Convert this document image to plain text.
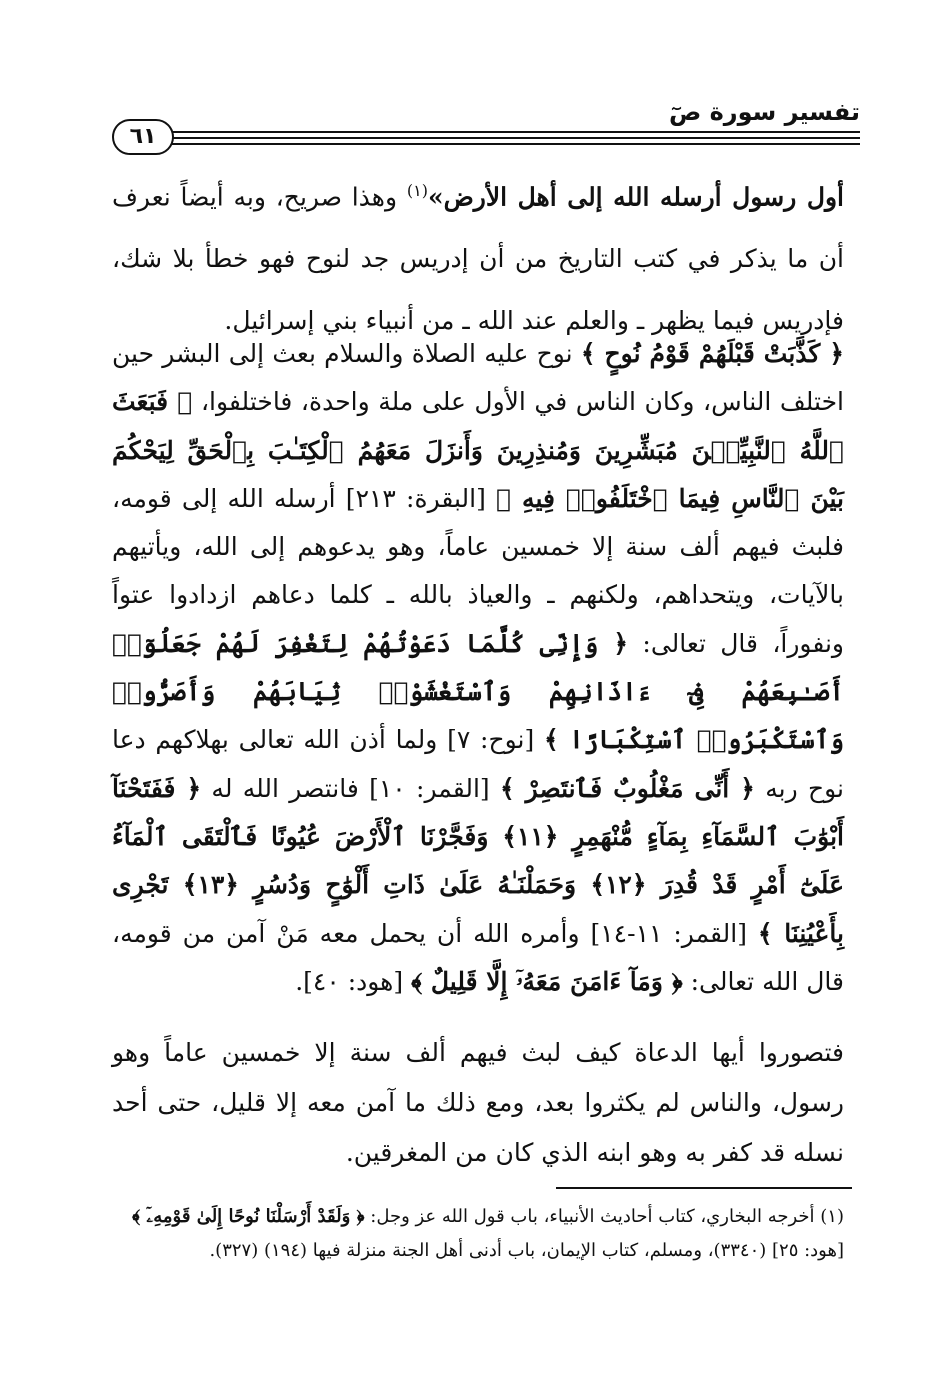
تفسير سورة صٓ
٦١

أول رسول أرسله الله إلى أهل الأرض»$^{(١)}$ وهذا صريح، وبه أيضاً نعرف أن ما يذكر في كتب التاريخ من أن إدريس جد لنوح فهو خطأ بلا شك، فإدريس فيما يظهر ـ والعلم عند الله ـ من أنبياء بني إسرائيل.

﴿ كَذَّبَتْ قَبْلَهُمْ قَوْمُ نُوحٍ ﴾ نوح عليه الصلاة والسلام بعث إلى البشر حين اختلف الناس، وكان الناس في الأول على ملة واحدة، فاختلفوا، ﴿ فَبَعَثَ ٱللَّهُ ٱلنَّبِيِّـۧنَ مُبَشِّرِينَ وَمُنذِرِينَ وَأَنزَلَ مَعَهُمُ ٱلْكِتَـٰبَ بِٱلْحَقِّ لِيَحْكُمَ بَيْنَ ٱلنَّاسِ فِيمَا ٱخْتَلَفُوا۟ فِيهِ ﴾ [البقرة: ٢١٣] أرسله الله إلى قومه، فلبث فيهم ألف سنة إلا خمسين عاماً، وهو يدعوهم إلى الله، ويأتيهم بالآيات، ويتحداهم، ولكنهم ـ والعياذ بالله ـ كلما دعاهم ازدادوا عتواً ونفوراً، قال تعالى: ﴿ وَإِنِّى كُلَّمَا دَعَوْتُهُمْ لِتَغْفِرَ لَهُمْ جَعَلُوٓا۟ أَصَـٰبِعَهُمْ فِىٓ ءَاذَانِهِمْ وَٱسْتَغْشَوْا۟ ثِيَابَهُمْ وَأَصَرُّوا۟ وَٱسْتَكْبَرُوا۟ ٱسْتِكْبَارًا ﴾ [نوح: ٧] ولما أذن الله تعالى بهلاكهم دعا نوح ربه ﴿ أَنِّى مَغْلُوبٌ فَٱنتَصِرْ ﴾ [القمر: ١٠] فانتصر الله له ﴿ فَفَتَحْنَآ أَبْوَٰبَ ٱلسَّمَآءِ بِمَآءٍ مُّنْهَمِرٍ ﴿١١﴾ وَفَجَّرْنَا ٱلْأَرْضَ عُيُونًا فَٱلْتَقَى ٱلْمَآءُ عَلَىٰٓ أَمْرٍ قَدْ قُدِرَ ﴿١٢﴾ وَحَمَلْنَـٰهُ عَلَىٰ ذَاتِ أَلْوَٰحٍ وَدُسُرٍ ﴿١٣﴾ تَجْرِى بِأَعْيُنِنَا ﴾ [القمر: ١١-١٤] وأمره الله أن يحمل معه مَنْ آمن من قومه، قال الله تعالى: ﴿ وَمَآ ءَامَنَ مَعَهُۥٓ إِلَّا قَلِيلٌ ﴾ [هود: ٤٠].

فتصوروا أيها الدعاة كيف لبث فيهم ألف سنة إلا خمسين عاماً وهو رسول، والناس لم يكثروا بعد، ومع ذلك ما آمن معه إلا قليل، حتى أحد نسله قد كفر به وهو ابنه الذي كان من المغرقين.

(١) أخرجه البخاري، كتاب أحاديث الأنبياء، باب قول الله عز وجل: ﴿ وَلَقَدْ أَرْسَلْنَا نُوحًا إِلَىٰ قَوْمِهِۦٓ ﴾
[هود: ٢٥] (٣٣٤٠)، ومسلم، كتاب الإيمان، باب أدنى أهل الجنة منزلة فيها (١٩٤) (٣٢٧).
